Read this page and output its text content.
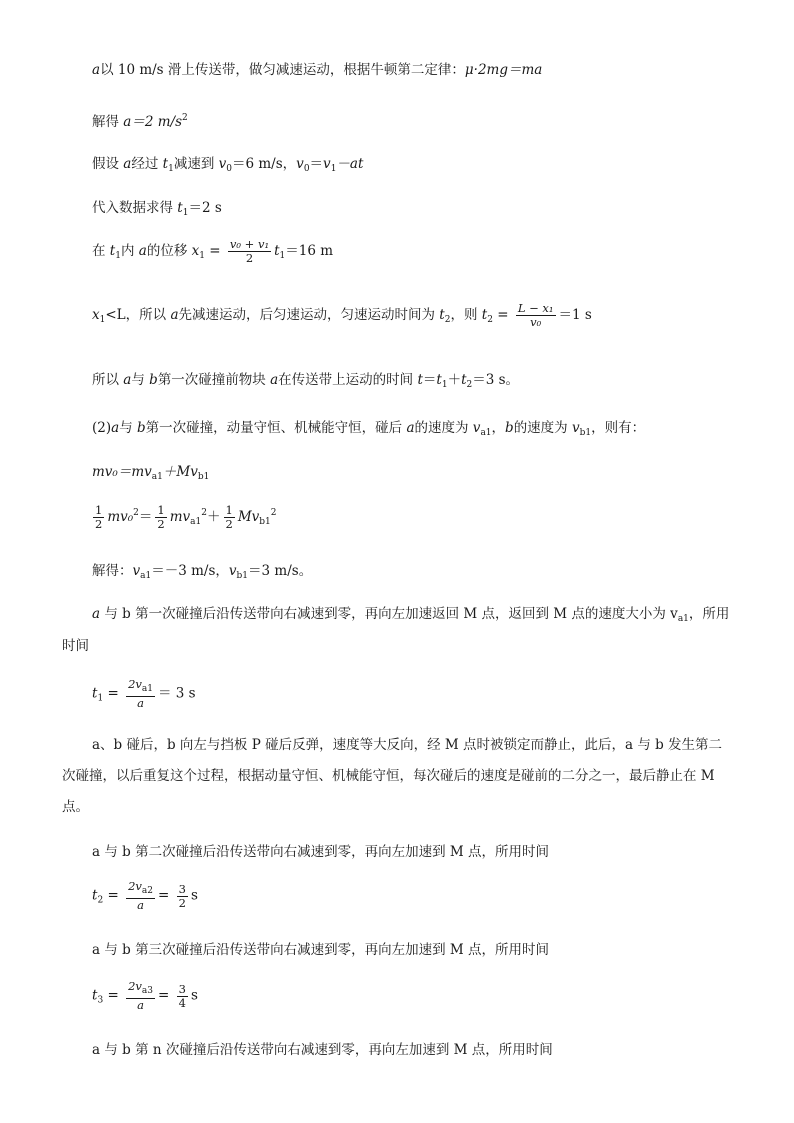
a以 10 m/s 滑上传送带，做匀减速运动，根据牛顿第二定律：μ·2mg＝ma
解得 a＝2 $m/s^2$
假设 a经过 $t_1$减速到 $v_0=6$ m/s，$v_0=v_1-at$
代入数据求得 $t_1=2$ s
在 $t_1$内 a的位移 $x_1 = \frac{\text{v₀ + v₁}}{2} t_1=16$ m
$x_1<L$，所以 a先减速运动，后匀速运动，匀速运动时间为 $t_2$，则 $t_2 = \frac{\text{L − x₁}}{\text{v₀}} =1$ s
所以 a与 b第一次碰撞前物块 a在传送带上运动的时间 $t=t_1+t_2=3$ s。
(2)a与 b第一次碰撞，动量守恒、机械能守恒，碰后 a的速度为 $v_{a1}$，b的速度为 $v_{b1}$，则有：
$mv_0=mv_{a1}+Mv_{b1}$
$\frac{1}{2} mv_0^2= \frac{1}{2} mv_{a1}^2+ \frac{1}{2} Mv_{b1}^2$
解得：$v_{a1}=-3$ m/s，$v_{b1}=3$ m/s。
a 与 b 第一次碰撞后沿传送带向右减速到零，再向左加速返回 M 点，返回到 M 点的速度大小为 $v_{a1}$，所用
时间
$t_1 = \frac{2v_{a1}}{a} = 3$ s
a、b 碰后，b 向左与挡板 P 碰后反弹，速度等大反向，经 M 点时被锁定而静止，此后，a 与 b 发生第二
次碰撞，以后重复这个过程，根据动量守恒、机械能守恒，每次碰后的速度是碰前的二分之一，最后静止在 M
点。
a 与 b 第二次碰撞后沿传送带向右减速到零，再向左加速到 M 点，所用时间
$t_2 = \frac{2v_{a2}}{a} = \frac{3}{2}$ s
a 与 b 第三次碰撞后沿传送带向右减速到零，再向左加速到 M 点，所用时间
$t_3 = \frac{2v_{a3}}{a} = \frac{3}{4}$ s
a 与 b 第 n 次碰撞后沿传送带向右减速到零，再向左加速到 M 点，所用时间
